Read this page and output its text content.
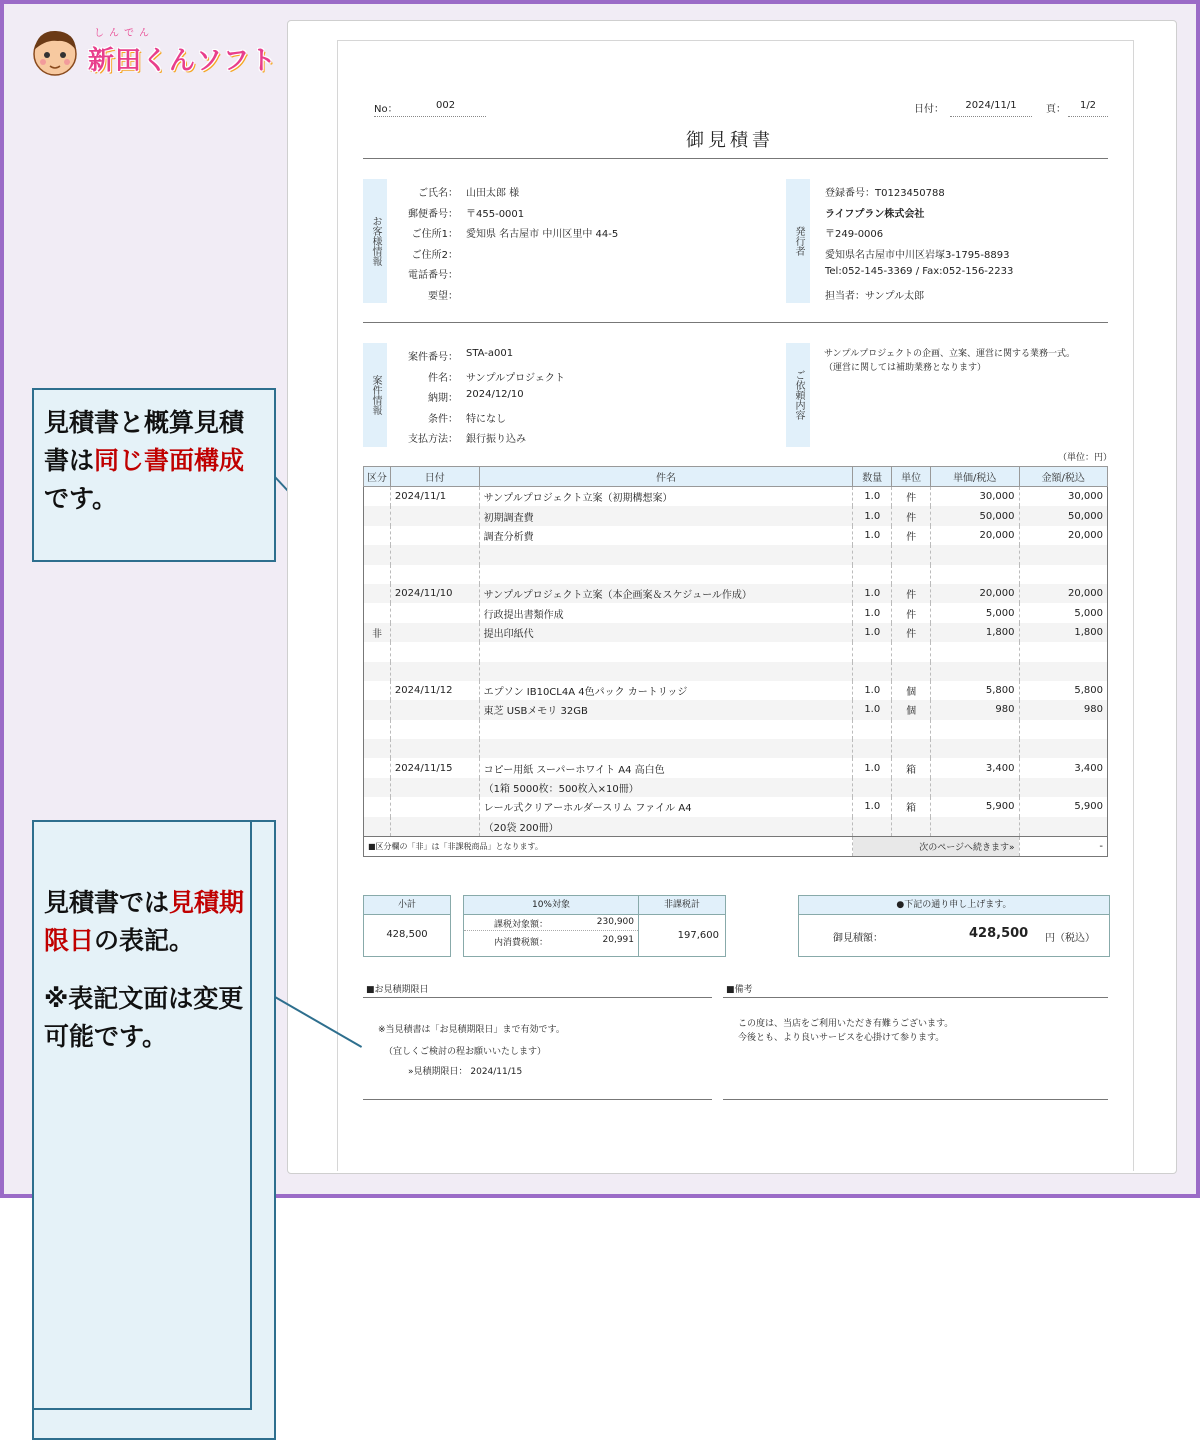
しんでん
新田くんソフト
見積書と概算見積書は同じ書面構成です。
No：	002	日付：	2024/11/1	頁：	1/2
御見積書
お客様情報
ご氏名： 山田太郎 様
郵便番号： 〒455-0001
ご住所1： 愛知県 名古屋市 中川区里中 44-5
ご住所2：
電話番号：
要望：
発行者
登録番号：T0123450788
ライフプラン株式会社
〒249-0006
愛知県名古屋市中川区岩塚3-1795-8893
Tel:052-145-3369 / Fax:052-156-2233
担当者：サンプル太郎
案件情報
案件番号： STA-a001
件名： サンプルプロジェクト
納期： 2024/12/10
条件： 特になし
支払方法： 銀行振り込み
ご依頼内容
サンプルプロジェクトの企画、立案、運営に関する業務一式。
（運営に関しては補助業務となります）
（単位：円）
区分	日付	件名	数量	単位	単価/税込	金額/税込
	2024/11/1	サンプルプロジェクト立案（初期構想案）	1.0	件	30,000	30,000
		初期調査費	1.0	件	50,000	50,000
		調査分析費	1.0	件	20,000	20,000

	2024/11/10	サンプルプロジェクト立案（本企画案＆スケジュール作成）	1.0	件	20,000	20,000
		行政提出書類作成	1.0	件	5,000	5,000
非		提出印紙代	1.0	件	1,800	1,800

	2024/11/12	エプソン IB10CL4A 4色パック カートリッジ	1.0	個	5,800	5,800
		東芝 USBメモリ 32GB	1.0	個	980	980

	2024/11/15	コピー用紙 スーパーホワイト A4 高白色	1.0	箱	3,400	3,400
		（1箱 5000枚：500枚入×10冊）				
		レール式クリアーホルダースリム ファイル A4	1.0	箱	5,900	5,900
		（20袋 200冊）				
■区分欄の「非」は「非課税商品」となります。			次のページへ続きます»			-
小計
428,500
10%対象	非課税計
課税対象額：	230,900
内消費税額：	20,991	197,600
●下記の通り申し上げます。
御見積額：	428,500 円（税込）
■お見積期限日
※当見積書は「お見積期限日」まで有効です。
（宜しくご検討の程お願いいたします）
»見積期限日： 2024/11/15
■備考
この度は、当店をご利用いただき有難うございます。
今後とも、より良いサービスを心掛けて参ります。
見積書では見積期限日の表記。
※表記文面は変更可能です。
